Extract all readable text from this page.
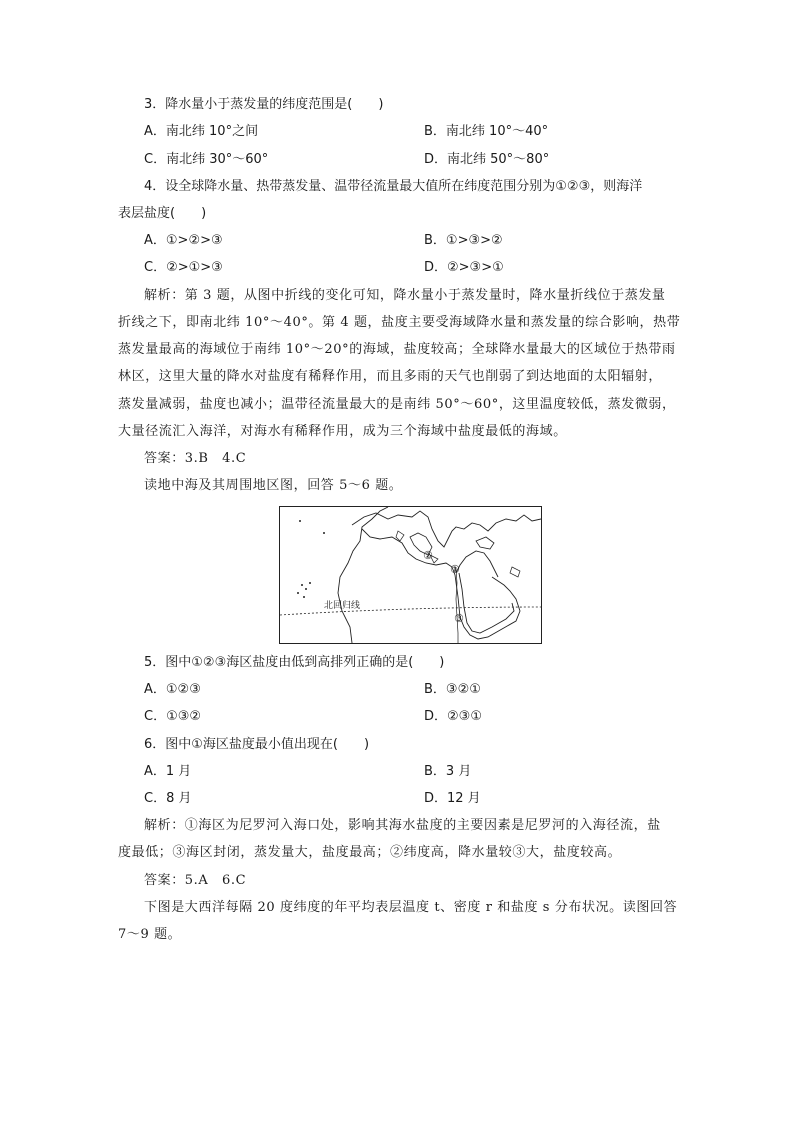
3．降水量小于蒸发量的纬度范围是(　　)
A．南北纬 10°之间	B．南北纬 10°～40°
C．南北纬 30°～60°	D．南北纬 50°～80°
4．设全球降水量、热带蒸发量、温带径流量最大值所在纬度范围分别为①②③，则海洋
表层盐度(　　)
A．①>②>③	B．①>③>②
C．②>①>③	D．②>③>①
解析：第 3 题，从图中折线的变化可知，降水量小于蒸发量时，降水量折线位于蒸发量
折线之下，即南北纬 10°～40°。第 4 题，盐度主要受海域降水量和蒸发量的综合影响，热带
蒸发量最高的海域位于南纬 10°～20°的海域，盐度较高；全球降水量最大的区域位于热带雨
林区，这里大量的降水对盐度有稀释作用，而且多雨的天气也削弱了到达地面的太阳辐射，
蒸发量减弱，盐度也减小；温带径流量最大的是南纬 50°～60°，这里温度较低，蒸发微弱，
大量径流汇入海洋，对海水有稀释作用，成为三个海域中盐度最低的海域。
答案：3.B　4.C
读地中海及其周围地区图，回答 5～6 题。
北回归线
①
②
③
5．图中①②③海区盐度由低到高排列正确的是(　　)
A．①②③	B．③②①
C．①③②	D．②③①
6．图中①海区盐度最小值出现在(　　)
A．1 月	B．3 月
C．8 月	D．12 月
解析：①海区为尼罗河入海口处，影响其海水盐度的主要因素是尼罗河的入海径流，盐
度最低；③海区封闭，蒸发量大，盐度最高；②纬度高，降水量较③大，盐度较高。
答案：5.A　6.C
下图是大西洋每隔 20 度纬度的年平均表层温度 t、密度 r 和盐度 s 分布状况。读图回答
7～9 题。
